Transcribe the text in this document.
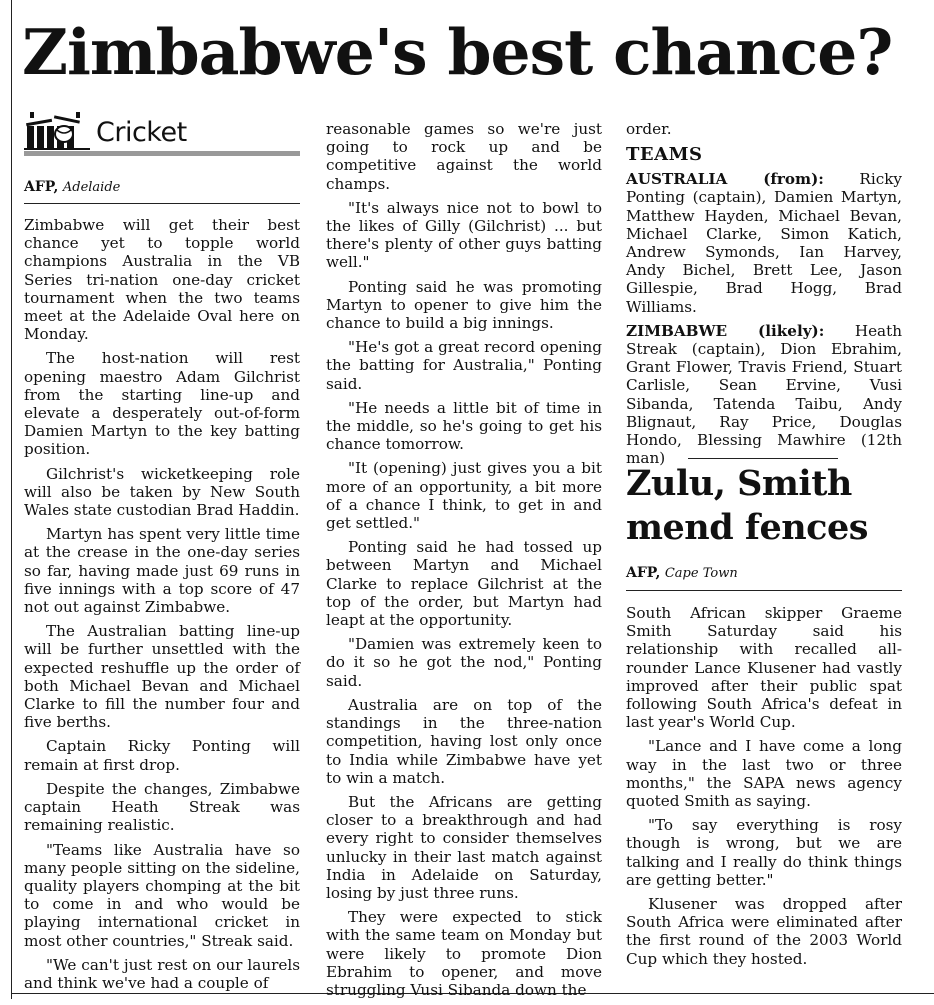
Zimbabwe's best chance?
Cricket
AFP, Adelaide

Zimbabwe will get their best chance yet to topple world champions Australia in the VB Series tri-nation one-day cricket tournament when the two teams meet at the Adelaide Oval here on Monday.

The host-nation will rest opening maestro Adam Gilchrist from the starting line-up and elevate a desperately out-of-form Damien Martyn to the key batting position.

Gilchrist's wicketkeeping role will also be taken by New South Wales state custodian Brad Haddin.

Martyn has spent very little time at the crease in the one-day series so far, having made just 69 runs in five innings with a top score of 47 not out against Zimbabwe.

The Australian batting line-up will be further unsettled with the expected reshuffle up the order of both Michael Bevan and Michael Clarke to fill the number four and five berths.

Captain Ricky Ponting will remain at first drop.

Despite the changes, Zimbabwe captain Heath Streak was remaining realistic.

"Teams like Australia have so many people sitting on the sideline, quality players chomping at the bit to come in and who would be playing international cricket in most other countries," Streak said.

"We can't just rest on our laurels and think we've had a couple of

reasonable games so we're just going to rock up and be competitive against the world champs.

"It's always nice not to bowl to the likes of Gilly (Gilchrist) ... but there's plenty of other guys batting well."

Ponting said he was promoting Martyn to opener to give him the chance to build a big innings.

"He's got a great record opening the batting for Australia," Ponting said.

"He needs a little bit of time in the middle, so he's going to get his chance tomorrow.

"It (opening) just gives you a bit more of an opportunity, a bit more of a chance I think, to get in and get settled."

Ponting said he had tossed up between Martyn and Michael Clarke to replace Gilchrist at the top of the order, but Martyn had leapt at the opportunity.

"Damien was extremely keen to do it so he got the nod," Ponting said.

Australia are on top of the standings in the three-nation competition, having lost only once to India while Zimbabwe have yet to win a match.

But the Africans are getting closer to a breakthrough and had every right to consider themselves unlucky in their last match against India in Adelaide on Saturday, losing by just three runs.

They were expected to stick with the same team on Monday but were likely to promote Dion Ebrahim to opener, and move struggling Vusi Sibanda down the

order.

TEAMS

AUSTRALIA (from): Ricky Ponting (captain), Damien Martyn, Matthew Hayden, Michael Bevan, Michael Clarke, Simon Katich, Andrew Symonds, Ian Harvey, Andy Bichel, Brett Lee, Jason Gillespie, Brad Hogg, Brad Williams.

ZIMBABWE (likely): Heath Streak (captain), Dion Ebrahim, Grant Flower, Travis Friend, Stuart Carlisle, Sean Ervine, Vusi Sibanda, Tatenda Taibu, Andy Blignaut, Ray Price, Douglas Hondo, Blessing Mawhire (12th man)

Zulu, Smith
mend fences
AFP, Cape Town

South African skipper Graeme Smith Saturday said his relationship with recalled all-rounder Lance Klusener had vastly improved after their public spat following South Africa's defeat in last year's World Cup.

"Lance and I have come a long way in the last two or three months," the SAPA news agency quoted Smith as saying.

"To say everything is rosy though is wrong, but we are talking and I really do think things are getting better."

Klusener was dropped after South Africa were eliminated after the first round of the 2003 World Cup which they hosted.
